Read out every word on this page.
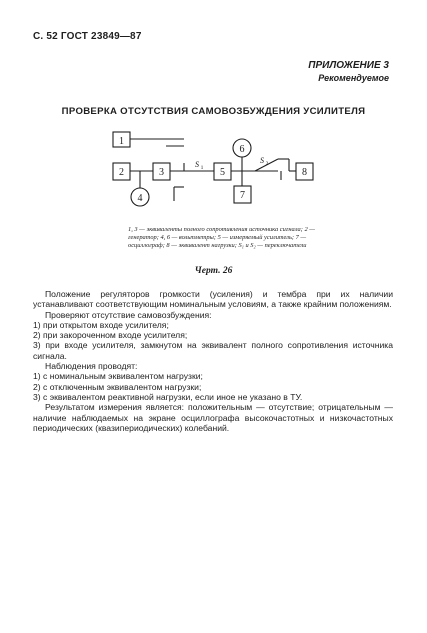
С. 52 ГОСТ 23849—87
ПРИЛОЖЕНИЕ 3
Рекомендуемое
ПРОВЕРКА ОТСУТСТВИЯ САМОВОЗБУЖДЕНИЯ УСИЛИТЕЛЯ
1
2	3
4
5
6
7
8
S 1
S 2
1, 3 — эквиваленты полного сопротивления источника сигнала; 2 — генератор; 4, 6 — вольтметры; 5 — измеряемый усилитель; 7 — осциллограф; 8 — эквивалент нагрузки; S₁ и S₂ — переключатели
Черт. 26

Положение регуляторов громкости (усиления) и тембра при их наличии устанавливают соответствующим номинальным условиям, а также крайним положениям.

Проверяют отсутствие самовозбуждения:

1) при открытом входе усилителя;

2) при закороченном входе усилителя;

3) при входе усилителя, замкнутом на эквивалент полного сопротивления источника сигнала.

Наблюдения проводят:

1) с номинальным эквивалентом нагрузки;

2) с отключенным эквивалентом нагрузки;

3) с эквивалентом реактивной нагрузки, если иное не указано в ТУ.

Результатом измерения является: положительным — отсутствие; отрицательным — наличие наблюдаемых на экране осциллографа высокочастотных и низкочастотных периодических (квазипериодических) колебаний.
